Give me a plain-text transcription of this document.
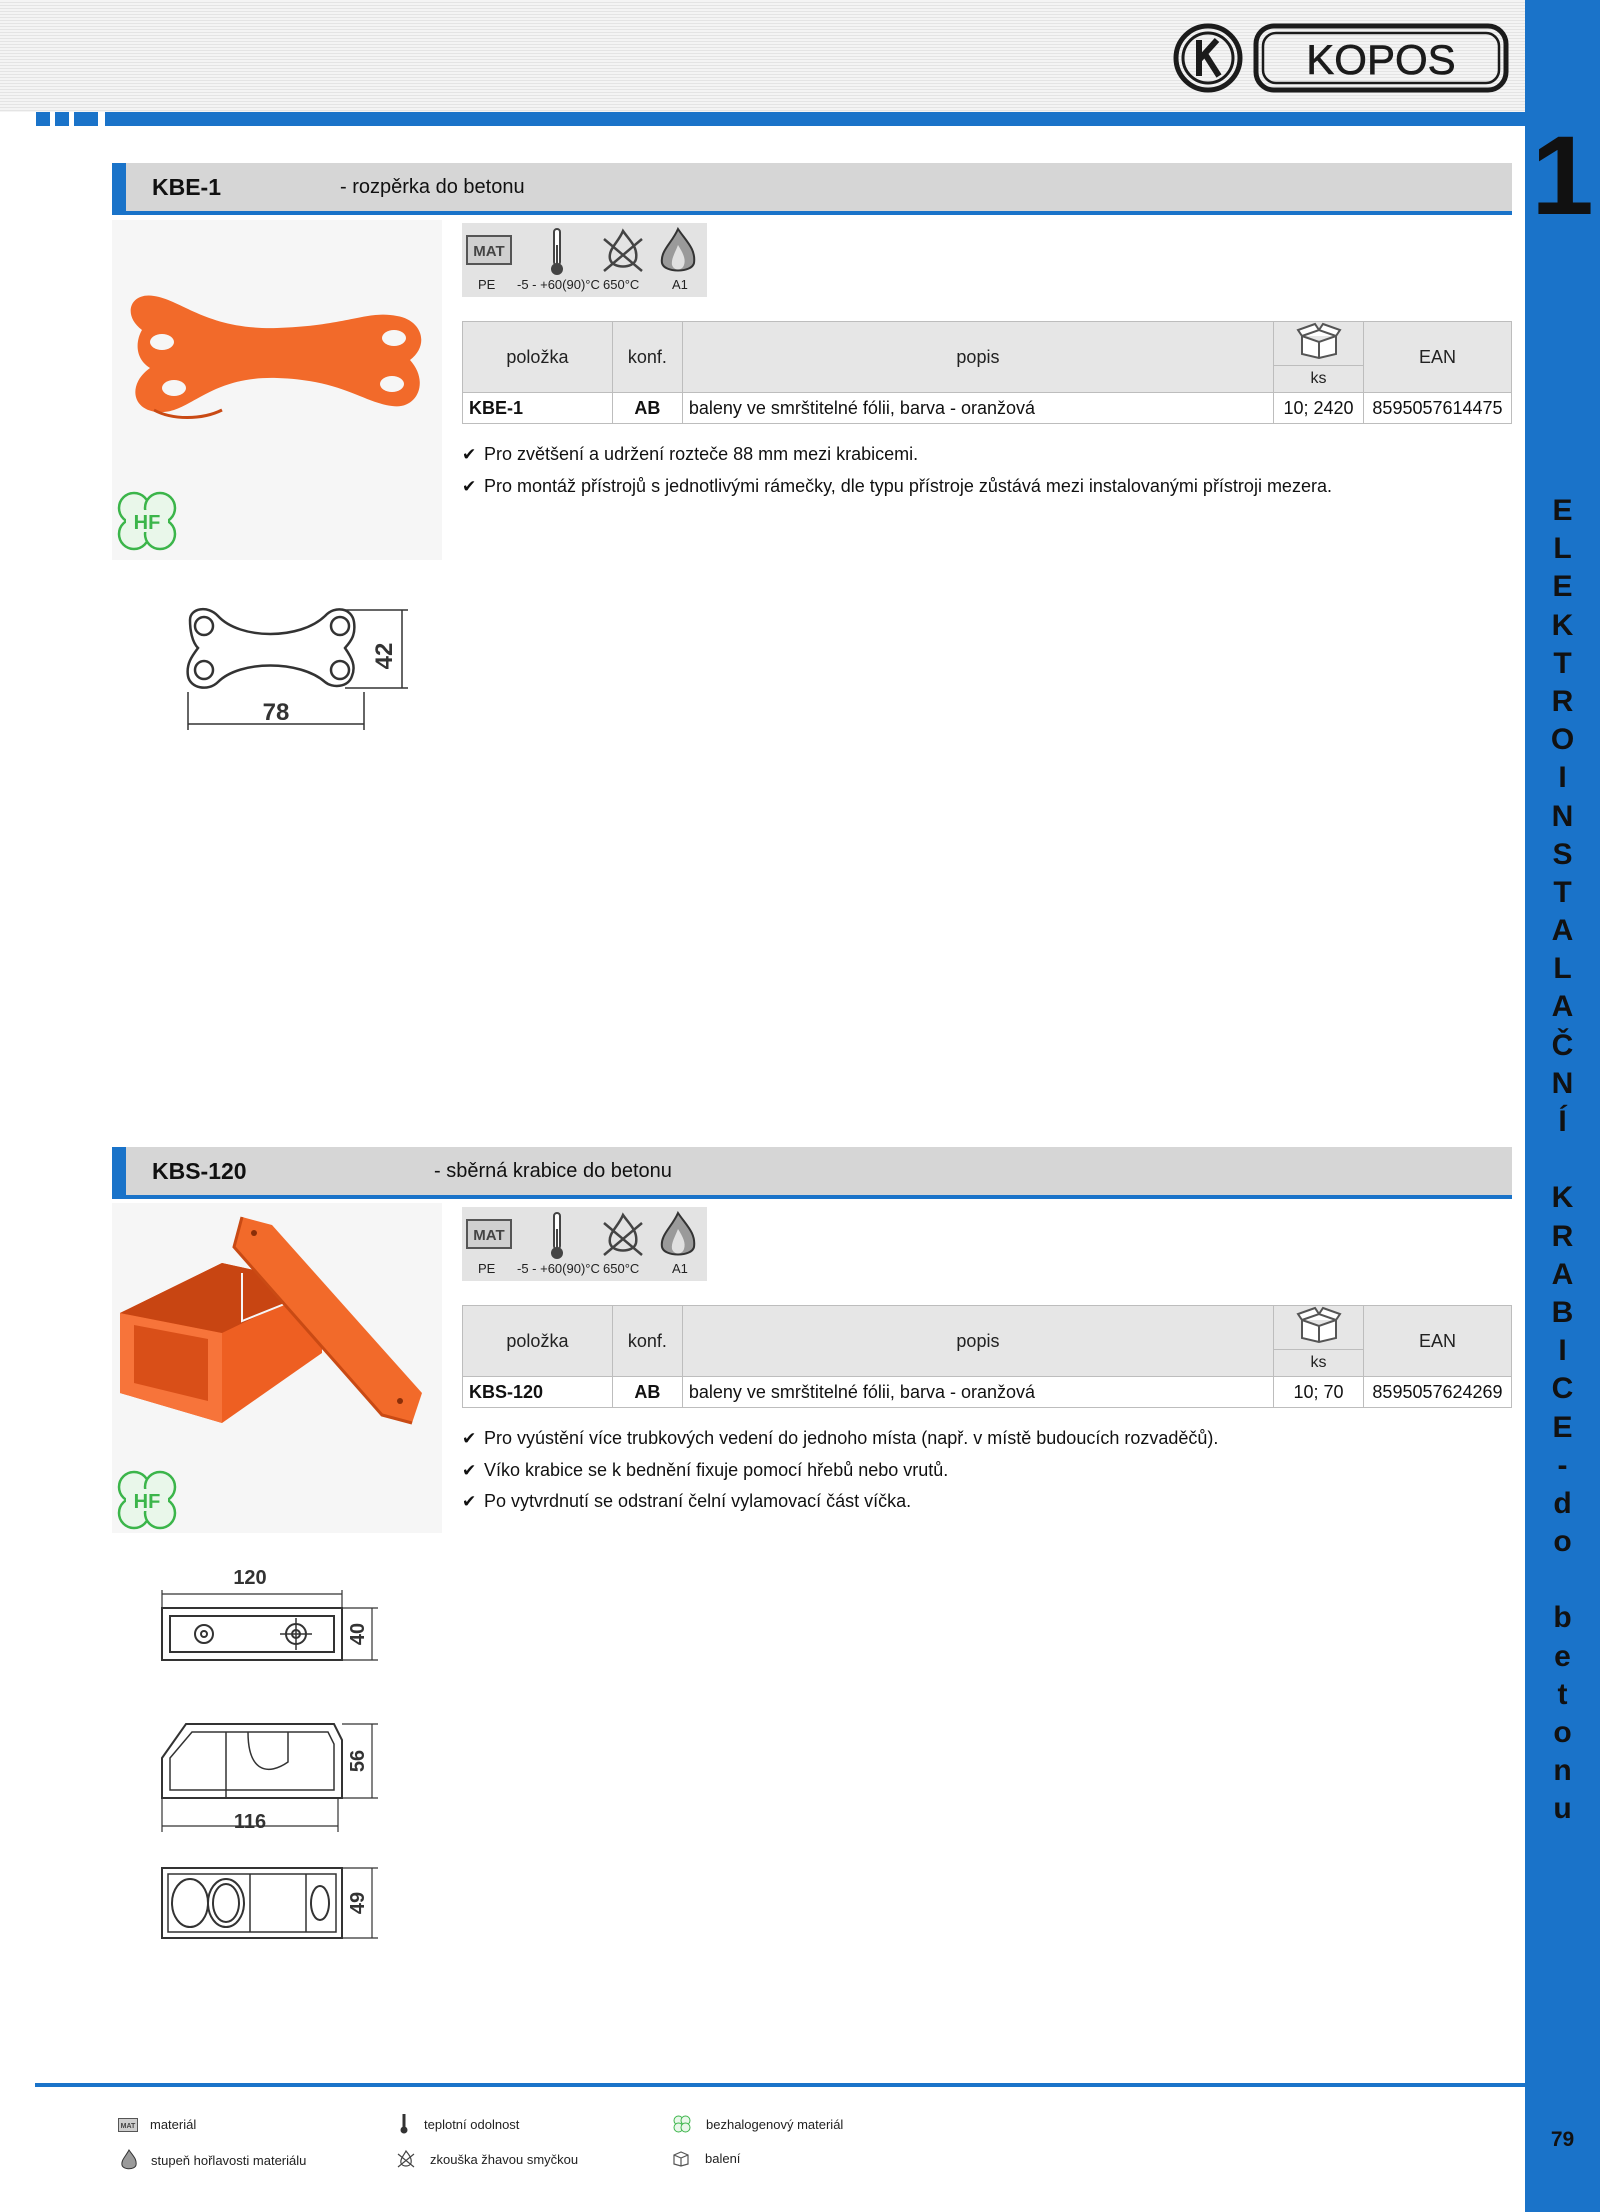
KOPOS
1
E
L
E
K
T
R
O
I
N
S
T
A
L
A
Č
N
Í

K
R
A
B
I
C
E
-
d
o

b
e
t
o
n
u
79
KBE-1	- rozpěrka do betonu
HF
78
42
MAT
PE -5 - +60(90)°C 650°C	A1
položka	konf.	popis		EAN
			ks	
KBE-1	AB	baleny ve smrštitelné fólii, barva - oranžová	10; 2420	8595057614475
✔ Pro zvětšení a udržení rozteče 88 mm mezi krabicemi.
✔ Pro montáž přístrojů s jednotlivými rámečky, dle typu přístroje zůstává mezi instalovanými přístroji mezera.
KBS-120	- sběrná krabice do betonu
HF
120
40
56
116
49
MAT
PE -5 - +60(90)°C 650°C	A1
položka	konf.	popis		EAN
			ks	
KBS-120	AB	baleny ve smrštitelné fólii, barva - oranžová	10; 70	8595057624269
✔ Pro vyústění více trubkových vedení do jednoho místa (např. v místě budoucích rozvaděčů).
✔ Víko krabice se k bednění fixuje pomocí hřebů nebo vrutů.
✔ Po vytvrdnutí se odstraní čelní vylamovací část víčka.
MAT materiál	teplotní odolnost	bezhalogenový materiál
stupeň hořlavosti materiálu	zkouška žhavou smyčkou	balení
